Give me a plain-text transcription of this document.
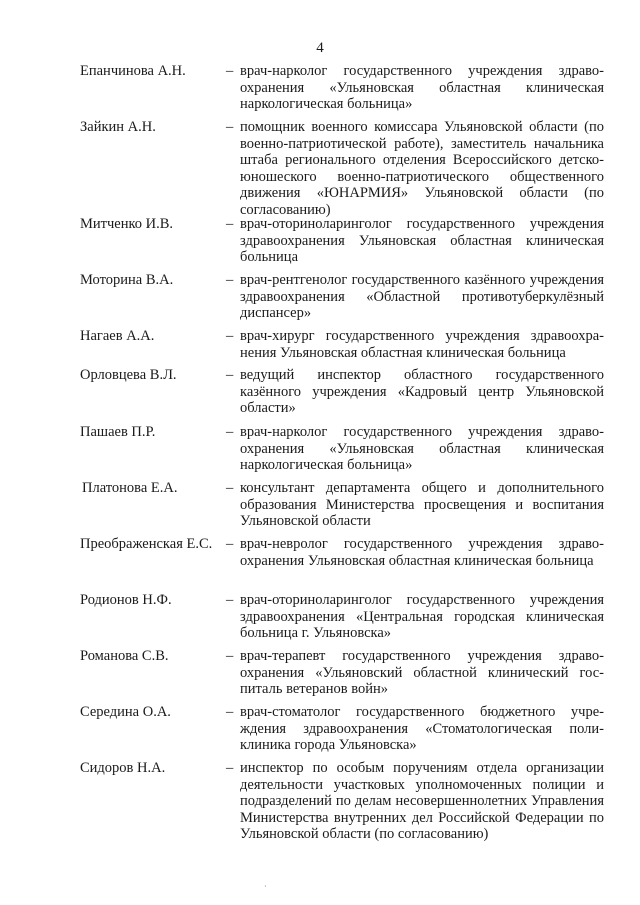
4
Епанчинова А.Н.	– врач-нарколог государственного учреждения здравоохранения «Ульяновская областная клиническая наркологическая больница»
Зайкин А.Н.	– помощник военного комиссара Ульяновской области (по военно-патриотической работе), заместитель начальника штаба регионального отделения Всероссийского детско-юношеского военно-патриотического общественного движения «ЮНАРМИЯ» Ульяновской области (по согласованию)
Митченко И.В.	– врач-оториноларинголог государственного учреждения здравоохранения Ульяновская областная клиническая больница
Моторина В.А.	– врач-рентгенолог государственного казённого учреждения здравоохранения «Областной противотуберкулёзный диспансер»
Нагаев А.А.	– врач-хирург государственного учреждения здравоохранения Ульяновская областная клиническая больница
Орловцева В.Л.	– ведущий инспектор областного государственного казённого учреждения «Кадровый центр Ульяновской области»
Пашаев П.Р.	– врач-нарколог государственного учреждения здравоохранения «Ульяновская областная клиническая наркологическая больница»
Платонова Е.А.	– консультант департамента общего и дополнительного образования Министерства просвещения и воспитания Ульяновской области
Преображенская Е.С. – врач-невролог государственного учреждения здравоохранения Ульяновская областная клиническая больница
Родионов Н.Ф.	– врач-оториноларинголог государственного учреждения здравоохранения «Центральная городская клиническая больница г. Ульяновска»
Романова С.В.	– врач-терапевт государственного учреждения здравоохранения «Ульяновский областной клинический госпиталь ветеранов войн»
Середина О.А.	– врач-стоматолог государственного бюджетного учреждения здравоохранения «Стоматологическая поликлиника города Ульяновска»
Сидоров Н.А.	– инспектор по особым поручениям отдела организации деятельности участковых уполномоченных полиции и подразделений по делам несовершеннолетних Управления Министерства внутренних дел Российской Федерации по Ульяновской области (по согласованию)
·
